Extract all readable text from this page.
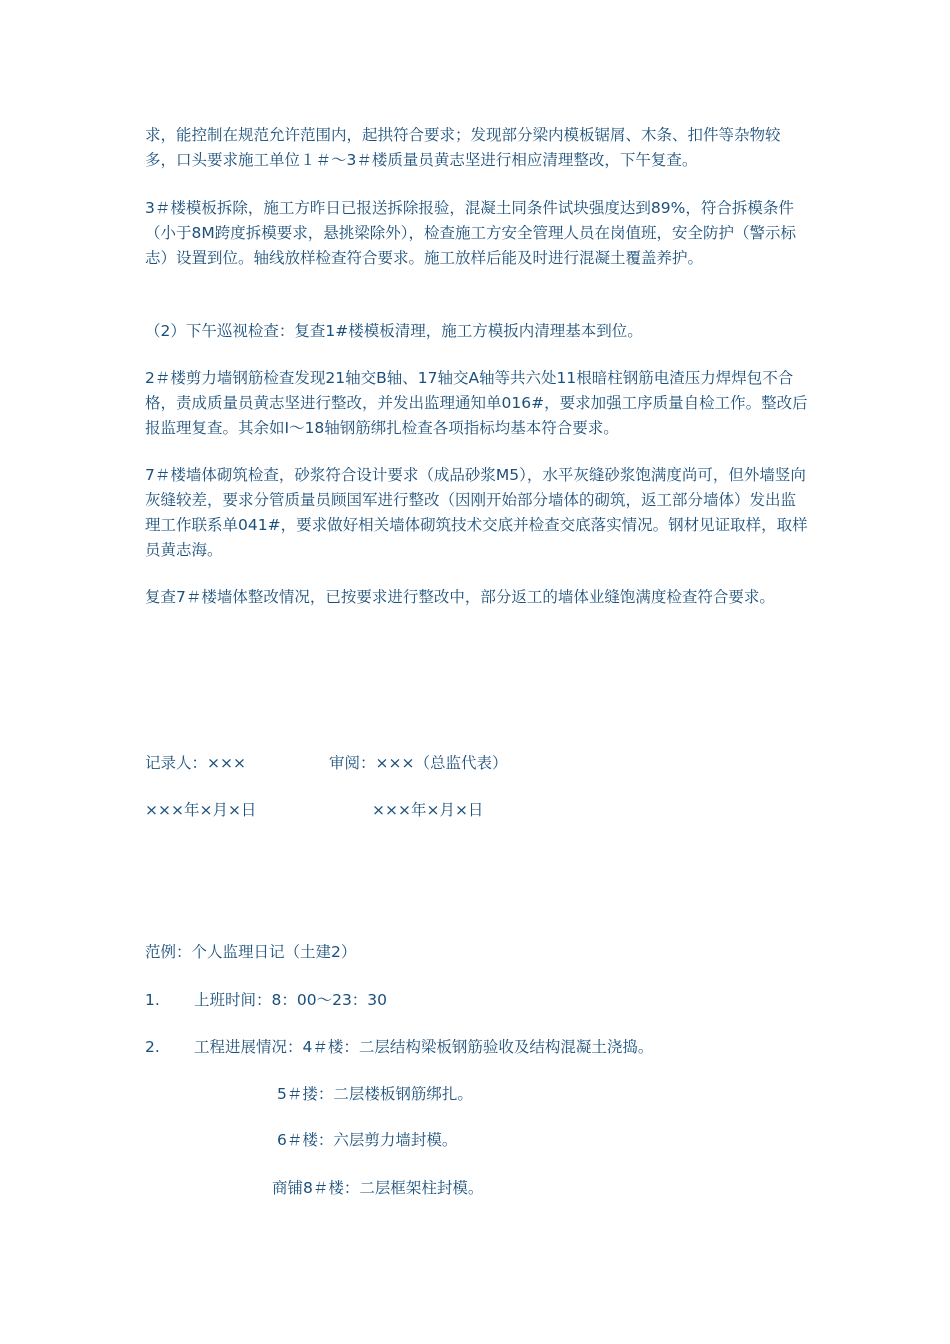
求，能控制在规范允许范围内，起拱符合要求；发现部分梁内模板锯屑、木条、扣件等杂物较多，口头要求施工单位１＃～3＃楼质量员黄志坚进行相应清理整改，下午复查。

3＃楼模板拆除，施工方昨日已报送拆除报验，混凝土同条件试块强度达到89%，符合拆模条件（小于8M跨度拆模要求，悬挑梁除外），检查施工方安全管理人员在岗值班，安全防护（警示标志）设置到位。轴线放样检查符合要求。施工放样后能及时进行混凝土覆盖养护。

（2）下午巡视检查：复查1#楼模板清理，施工方模扳内清理基本到位。

2＃楼剪力墙钢筋检查发现21轴交B轴、17轴交A轴等共六处11根暗柱钢筋电渣压力焊焊包不合格，责成质量员黄志坚进行整改，并发出监理通知单016#，要求加强工序质量自检工作。整改后报监理复查。其余如Ⅰ～18轴钢筋绑扎检查各项指标均基本符合要求。

7＃楼墙体砌筑检查，砂浆符合设计要求（成品砂浆M5），水平灰缝砂浆饱满度尚可，但外墙竖向灰缝较差，要求分管质量员顾国军进行整改（因刚开始部分墙体的砌筑，返工部分墙体）发出监理工作联系单041#，要求做好相关墙体砌筑技术交底并检查交底落实情况。钢材见证取样，取样员黄志海。

复查7＃楼墙体整改情况，已按要求进行整改中，部分返工的墙体业缝饱满度检查符合要求。

记录人：×××	审阅：×××（总监代表）
×××年×月×日	×××年×月×日
范例：个人监理日记（土建2）
1. 上班时间：8：00～23：30
2. 工程进展情况：4＃楼：二层结构梁板钢筋验收及结构混凝土浇捣。
5＃搂：二层楼板钢筋绑扎。
6＃楼：六层剪力墙封模。
商铺8＃楼：二层框架柱封模。
